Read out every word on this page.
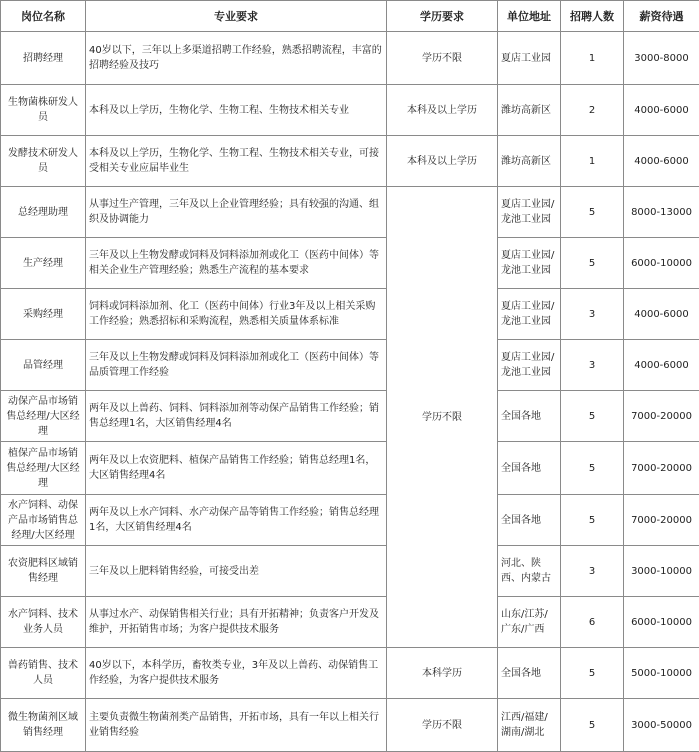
岗位名称	专业要求	学历要求	单位地址	招聘人数	薪资待遇
招聘经理	40岁以下，三年以上多渠道招聘工作经验，熟悉招聘流程，丰富的招聘经验及技巧	学历不限	夏店工业园	1	3000-8000
生物菌株研发人员	本科及以上学历，生物化学、生物工程、生物技术相关专业	本科及以上学历	潍坊高新区	2	4000-6000
发酵技术研发人员	本科及以上学历，生物化学、生物工程、生物技术相关专业，可接受相关专业应届毕业生	本科及以上学历	潍坊高新区	1	4000-6000
总经理助理	从事过生产管理，三年及以上企业管理经验；具有较强的沟通、组织及协调能力	学历不限	夏店工业园/龙池工业园	5	8000-13000
生产经理	三年及以上生物发酵或饲料及饲料添加剂或化工（医药中间体）等相关企业生产管理经验；熟悉生产流程的基本要求		夏店工业园/龙池工业园	5	6000-10000
采购经理	饲料或饲料添加剂、化工（医药中间体）行业3年及以上相关采购工作经验；熟悉招标和采购流程，熟悉相关质量体系标准		夏店工业园/龙池工业园	3	4000-6000
品管经理	三年及以上生物发酵或饲料及饲料添加剂或化工（医药中间体）等品质管理工作经验		夏店工业园/龙池工业园	3	4000-6000
动保产品市场销售总经理/大区经理	两年及以上兽药、饲料、饲料添加剂等动保产品销售工作经验；销售总经理1名，大区销售经理4名		全国各地	5	7000-20000
植保产品市场销售总经理/大区经理	两年及以上农资肥料、植保产品销售工作经验；销售总经理1名，大区销售经理4名		全国各地	5	7000-20000
水产饲料、动保产品市场销售总经理/大区经理	两年及以上水产饲料、水产动保产品等销售工作经验；销售总经理1名，大区销售经理4名		全国各地	5	7000-20000
农资肥料区域销售经理	三年及以上肥料销售经验，可接受出差		河北、陕西、内蒙古	3	3000-10000
水产饲料、技术业务人员	从事过水产、动保销售相关行业；具有开拓精神；负责客户开发及维护，开拓销售市场；为客户提供技术服务		山东/江苏/广东/广西	6	6000-10000
兽药销售、技术人员	40岁以下，本科学历，畜牧类专业，3年及以上兽药、动保销售工作经验，为客户提供技术服务	本科学历	全国各地	5	5000-10000
微生物菌剂区域销售经理	主要负责微生物菌剂类产品销售，开拓市场，具有一年以上相关行业销售经验	学历不限	江西/福建/湖南/湖北	5	3000-50000
